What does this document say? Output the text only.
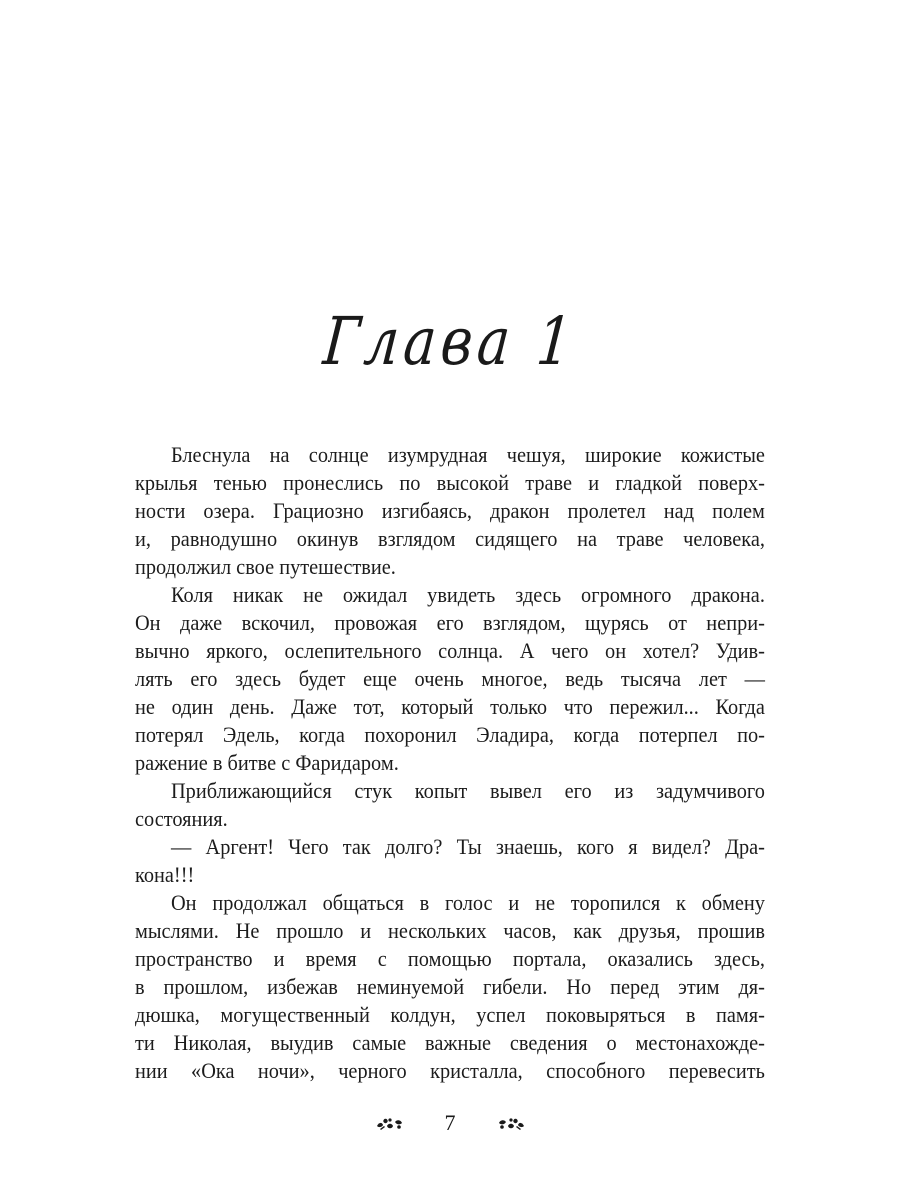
Глава 1
Блеснула на солнце изумрудная чешуя, широкие кожистые
крылья тенью пронеслись по высокой траве и гладкой поверх-
ности озера. Грациозно изгибаясь, дракон пролетел над полем
и, равнодушно окинув взглядом сидящего на траве человека,
продолжил свое путешествие.
Коля никак не ожидал увидеть здесь огромного дракона.
Он даже вскочил, провожая его взглядом, щурясь от непри-
вычно яркого, ослепительного солнца. А чего он хотел? Удив-
лять его здесь будет еще очень многое, ведь тысяча лет —
не один день. Даже тот, который только что пережил... Когда
потерял Эдель, когда похоронил Эладира, когда потерпел по-
ражение в битве с Фаридаром.
Приближающийся стук копыт вывел его из задумчивого
состояния.
— Аргент! Чего так долго? Ты знаешь, кого я видел? Дра-
кона!!!
Он продолжал общаться в голос и не торопился к обмену
мыслями. Не прошло и нескольких часов, как друзья, прошив
пространство и время с помощью портала, оказались здесь,
в прошлом, избежав неминуемой гибели. Но перед этим дя-
дюшка, могущественный колдун, успел поковыряться в памя-
ти Николая, выудив самые важные сведения о местонахожде-
нии «Ока ночи», черного кристалла, способного перевесить
7
